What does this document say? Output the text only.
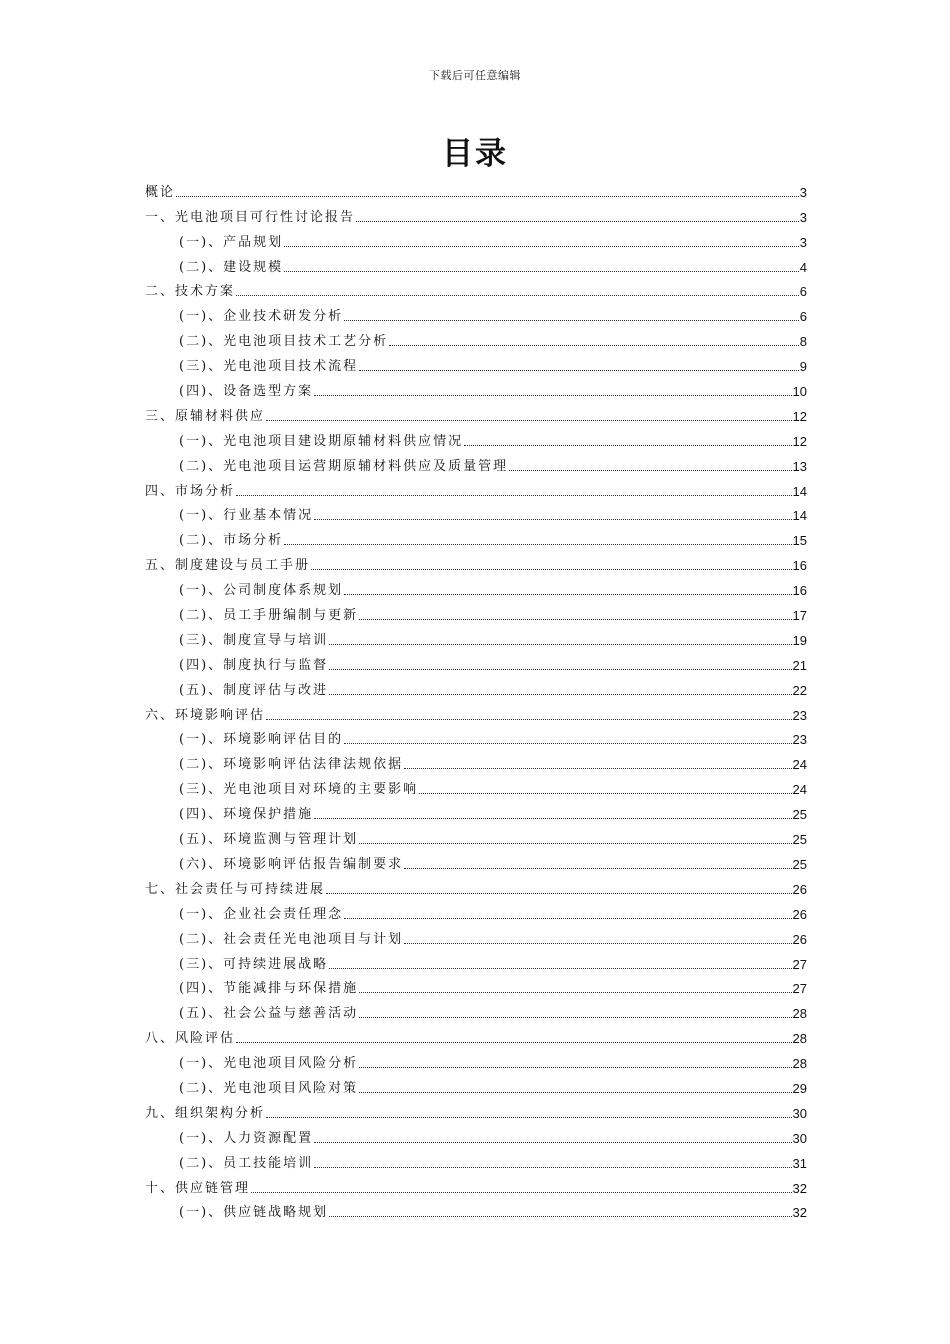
下载后可任意编辑
目录
概论	3
一、光电池项目可行性讨论报告	3
(一)、产品规划	3
(二)、建设规模	4
二、技术方案	6
(一)、企业技术研发分析	6
(二)、光电池项目技术工艺分析	8
(三)、光电池项目技术流程	9
(四)、设备选型方案	10
三、原辅材料供应	12
(一)、光电池项目建设期原辅材料供应情况	12
(二)、光电池项目运营期原辅材料供应及质量管理	13
四、市场分析	14
(一)、行业基本情况	14
(二)、市场分析	15
五、制度建设与员工手册	16
(一)、公司制度体系规划	16
(二)、员工手册编制与更新	17
(三)、制度宣导与培训	19
(四)、制度执行与监督	21
(五)、制度评估与改进	22
六、环境影响评估	23
(一)、环境影响评估目的	23
(二)、环境影响评估法律法规依据	24
(三)、光电池项目对环境的主要影响	24
(四)、环境保护措施	25
(五)、环境监测与管理计划	25
(六)、环境影响评估报告编制要求	25
七、社会责任与可持续进展	26
(一)、企业社会责任理念	26
(二)、社会责任光电池项目与计划	26
(三)、可持续进展战略	27
(四)、节能减排与环保措施	27
(五)、社会公益与慈善活动	28
八、风险评估	28
(一)、光电池项目风险分析	28
(二)、光电池项目风险对策	29
九、组织架构分析	30
(一)、人力资源配置	30
(二)、员工技能培训	31
十、供应链管理	32
(一)、供应链战略规划	32
